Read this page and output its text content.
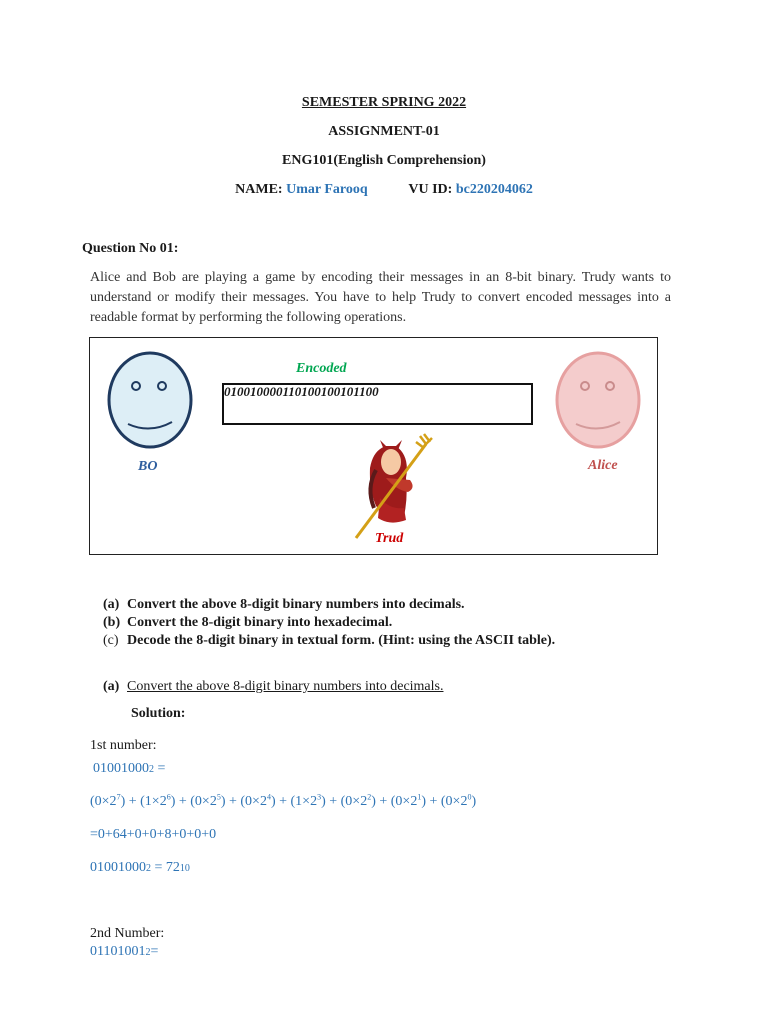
SEMESTER SPRING 2022
ASSIGNMENT-01
ENG101(English Comprehension)
NAME: Umar Farooq	VU ID: bc220204062
Question No 01:
Alice and Bob are playing a game by encoding their messages in an 8-bit binary. Trudy wants to understand or modify their messages. You have to help Trudy to convert encoded messages into a readable format by performing the following operations.
Encoded
010010000110100100101100
BO	Alice
Trud
(a) Convert the above 8-digit binary numbers into decimals.
(b) Convert the 8-digit binary into hexadecimal.
(c) Decode the 8-digit binary in textual form. (Hint: using the ASCII table).
(a) Convert the above 8-digit binary numbers into decimals.
Solution:
1st number:
010010002 =
$(0\times 2^7) + (1\times 2^6) + (0\times 2^5) + (0\times 2^4) + (1\times 2^3) + (0\times 2^2) + (0\times 2^1) + (0\times 2^0)$
=0+64+0+0+8+0+0+0
010010002 = 7210
2nd Number:
011010012=
